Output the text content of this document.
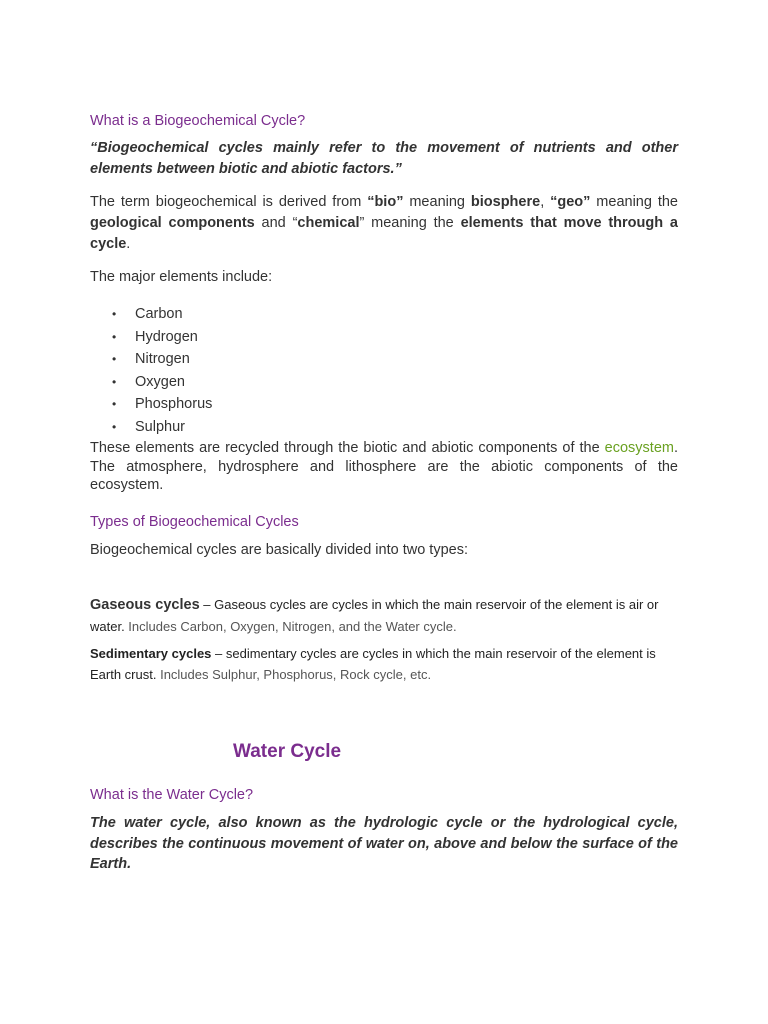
What is a Biogeochemical Cycle?

“Biogeochemical cycles mainly refer to the movement of nutrients and other elements between biotic and abiotic factors.”

The term biogeochemical is derived from “bio” meaning biosphere, “geo” meaning the geological components and “chemical” meaning the elements that move through a cycle.

The major elements include:

• Carbon
• Hydrogen
• Nitrogen
• Oxygen
• Phosphorus
• Sulphur

These elements are recycled through the biotic and abiotic components of the ecosystem. The atmosphere, hydrosphere and lithosphere are the abiotic components of the ecosystem.

Types of Biogeochemical Cycles

Biogeochemical cycles are basically divided into two types:

Gaseous cycles – Gaseous cycles are cycles in which the main reservoir of the element is air or water. Includes Carbon, Oxygen, Nitrogen, and the Water cycle.

Sedimentary cycles – sedimentary cycles are cycles in which the main reservoir of the element is Earth crust. Includes Sulphur, Phosphorus, Rock cycle, etc.

Water Cycle
What is the Water Cycle?

The water cycle, also known as the hydrologic cycle or the hydrological cycle, describes the continuous movement of water on, above and below the surface of the Earth.
